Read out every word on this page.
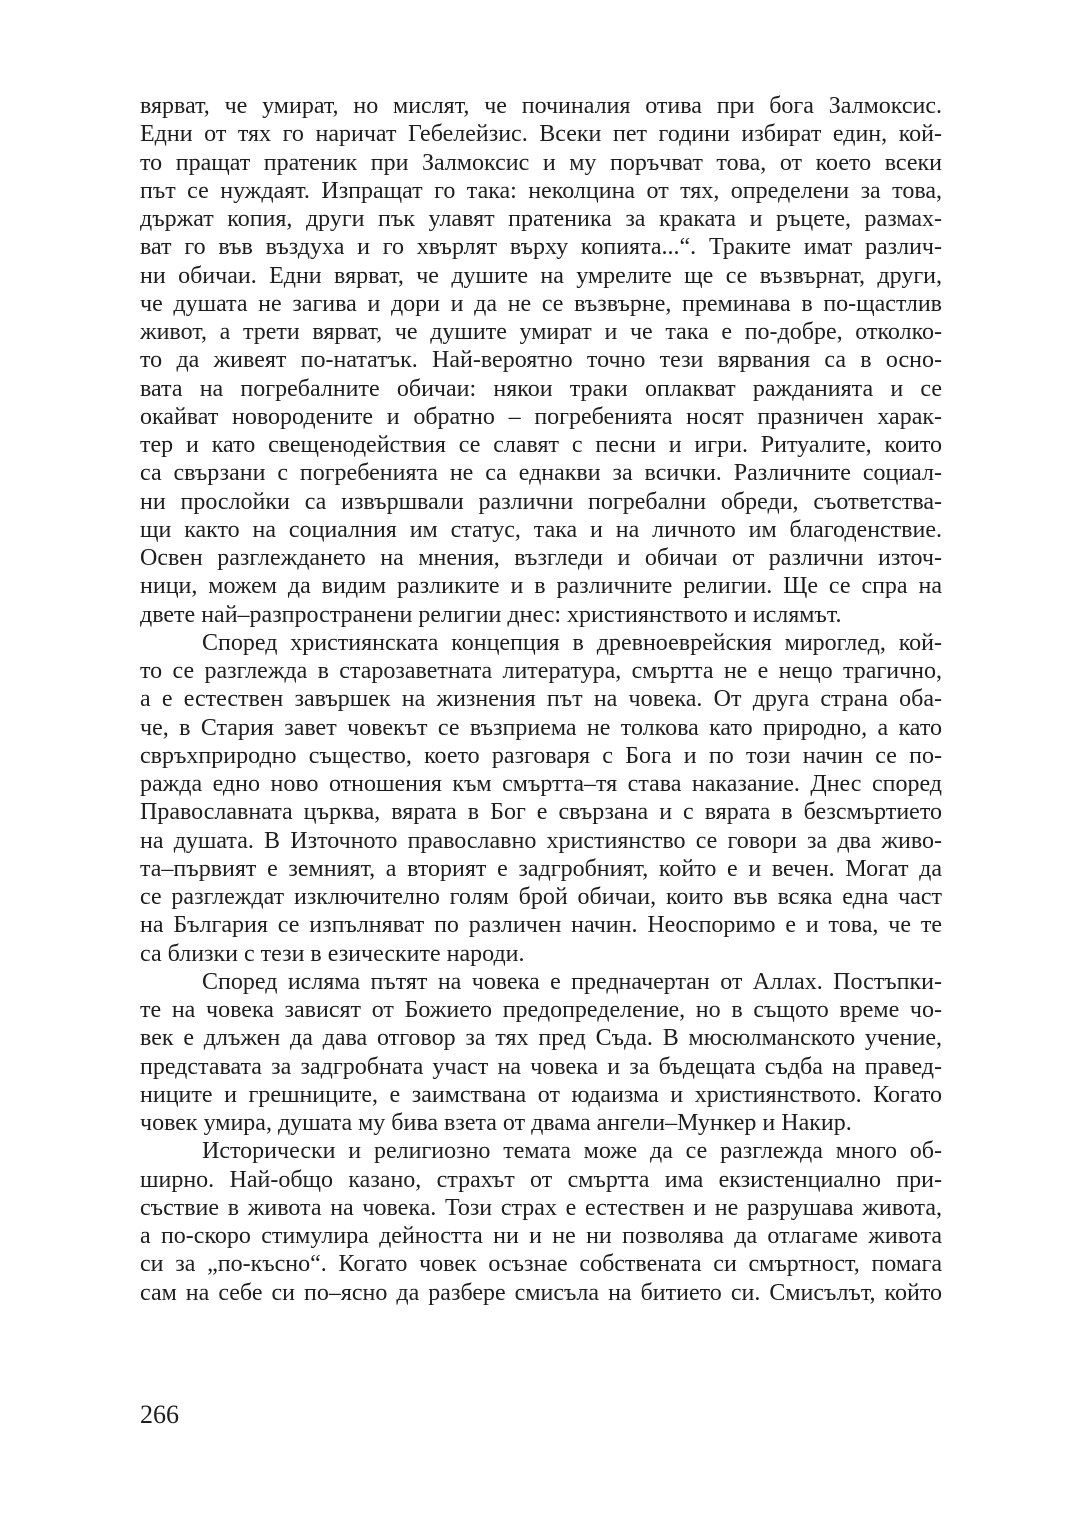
вярват, че умират, но мислят, че починалия отива при бога Залмоксис.
Едни от тях го наричат Гебелейзис. Всеки пет години избират един, кой-
то пращат пратеник при Залмоксис и му поръчват това, от което всеки
път се нуждаят. Изпращат го така: неколцина от тях, определени за това,
държат копия, други пък улавят пратеника за краката и ръцете, размах-
ват го във въздуха и го хвърлят върху копията...“. Траките имат различ-
ни обичаи. Едни вярват, че душите на умрелите ще се възвърнат, други,
че душата не загива и дори и да не се възвърне, преминава в по-щастлив
живот, а трети вярват, че душите умират и че така е по-добре, отколко-
то да живеят по-нататък. Най-вероятно точно тези вярвания са в осно-
вата на погребалните обичаи: някои траки оплакват ражданията и се
окайват новородените и обратно – погребенията носят празничен харак-
тер и като свещенодействия се славят с песни и игри. Ритуалите, които
са свързани с погребенията не са еднакви за всички. Различните социал-
ни прослойки са извършвали различни погребални обреди, съответства-
щи както на социалния им статус, така и на личното им благоденствие.
Освен разглеждането на мнения, възгледи и обичаи от различни източ-
ници, можем да видим разликите и в различните религии. Ще се спра на
двете най–разпространени религии днес: християнството и ислямът.
Според християнската концепция в древноеврейския мироглед, кой-
то се разглежда в старозаветната литература, смъртта не е нещо трагично,
а е естествен завършек на жизнения път на човека. От друга страна оба-
че, в Стария завет човекът се възприема не толкова като природно, а като
свръхприродно същество, което разговаря с Бога и по този начин се по-
ражда едно ново отношения към смъртта–тя става наказание. Днес според
Православната църква, вярата в Бог е свързана и с вярата в безсмъртието
на душата. В Източното православно християнство се говори за два живо-
та–първият е земният, а вторият е задгробният, който е и вечен. Могат да
се разглеждат изключително голям брой обичаи, които във всяка една част
на България се изпълняват по различен начин. Неоспоримо е и това, че те
са близки с тези в езическите народи.
Според исляма пътят на човека е предначертан от Аллах. Постъпки-
те на човека зависят от Божието предопределение, но в същото време чо-
век е длъжен да дава отговор за тях пред Съда. В мюсюлманското учение,
представата за задгробната участ на човека и за бъдещата съдба на правед-
ниците и грешниците, е заимствана от юдаизма и християнството. Когато
човек умира, душата му бива взета от двама ангели–Мункер и Накир.
Исторически и религиозно темата може да се разглежда много об-
ширно. Най-общо казано, страхът от смъртта има екзистенциално при-
съствие в живота на човека. Този страх е естествен и не разрушава живота,
а по-скоро стимулира дейността ни и не ни позволява да отлагаме живота
си за „по-късно“. Когато човек осъзнае собствената си смъртност, помага
сам на себе си по–ясно да разбере смисъла на битието си. Смисълът, който
266
